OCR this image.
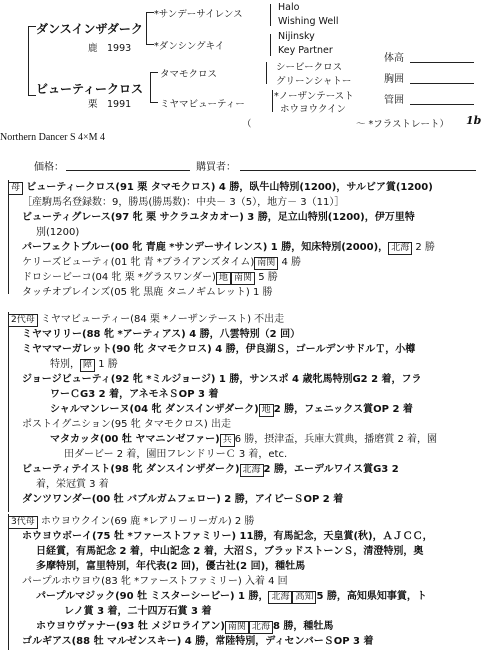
ダンスインザダーク
鹿　1993
ビューティークロス
栗　1991
*サンデーサイレンス
*ダンシングキイ
タマモクロス
ミヤマビューティー
Halo
Wishing Well
Nijinsky
Key Partner
シービークロス
グリーンシャトー
*ノーザンテースト
ホウヨウクイン
（　　　　　　　　　　　～ *フラストレート） 1b
Northern Dancer S 4×M 4
体高
胸囲
管囲
価格：	購買者：
母 ビューティークロス(91 栗 タマモクロス) 4 勝，臥牛山特別(1200)，サルビア賞(1200)
［産駒馬名登録数：9，勝馬(勝馬数)：中央－ 3（5），地方－ 3（11）］
ビューティグレース(97 牝 栗 サクラユタカオー) 3 勝，足立山特別(1200)，伊万里特
別(1200)
パーフェクトブルー(00 牝 青鹿 *サンデーサイレンス) 1 勝，知床特別(2000)， 北海 2 勝
ケリーズビューティ(01 牝 青 *ブライアンズタイム) 南関 4 勝
ドロシービーコ(04 牝 栗 *グラスワンダー) 地 南関 5 勝
タッチオブレインズ(05 牝 黒鹿 タニノギムレット) 1 勝
2代母 ミヤマビューティー(84 栗 *ノーザンテースト) 不出走
ミヤマリリー(88 牝 *アーティアス) 4 勝，八雲特別（2 回）
ミヤママーガレット(90 牝 タマモクロス) 4 勝，伊良湖Ｓ，ゴールデンサドルＴ，小樽
特別， 障 1 勝
ジョージビューティ(92 牝 *ミルジョージ) 1 勝，サンスポ 4 歳牝馬特別G2 2 着，フラ
ワーＣG3 2 着，アネモネＳOP 3 着
シャルマンレーヌ(04 牝 ダンスインザダーク) 地 2 勝，フェニックス賞OP 2 着
ポストイグニション(95 牝 タマモクロス) 出走
マタカッタ(00 牡 ヤマニンゼファー) 兵 6 勝，摂津盃，兵庫大賞典，播磨賞 2 着，園
田ダービー 2 着，園田フレンドリーＣ 3 着，etc.
ビューティテイスト(98 牝 ダンスインザダーク) 北海 2 勝，エーデルワイス賞G3 2
着，栄冠賞 3 着
ダンツワンダー(00 牡 バブルガムフェロー) 2 勝，アイビーＳOP 2 着
3代母 ホウヨウクイン(69 鹿 *レアリーリーガル) 2 勝
ホウヨウボーイ(75 牡 *ファーストファミリー) 11勝，有馬記念，天皇賞(秋)，ＡＪＣＣ，
日経賞，有馬記念 2 着，中山記念 2 着，大沼Ｓ，ブラッドストーンＳ，清澄特別，奥
多摩特別，富里特別，年代表(2 回)，優古社(2 回)，種牡馬
パープルホウヨウ(83 牝 *ファーストファミリー) 入着 4 回
パープルマジック(90 牡 ミスターシービー) 1 勝， 北海 高知 5 勝，高知県知事賞，ト
レノ賞 3 着，二十四万石賞 3 着
ホウヨウヴァナー(93 牡 メジロライアン) 南関 北海 8 勝，種牡馬
ゴルギアス(88 牡 マルゼンスキー) 4 勝，常陸特別，ディセンバーＳOP 3 着
